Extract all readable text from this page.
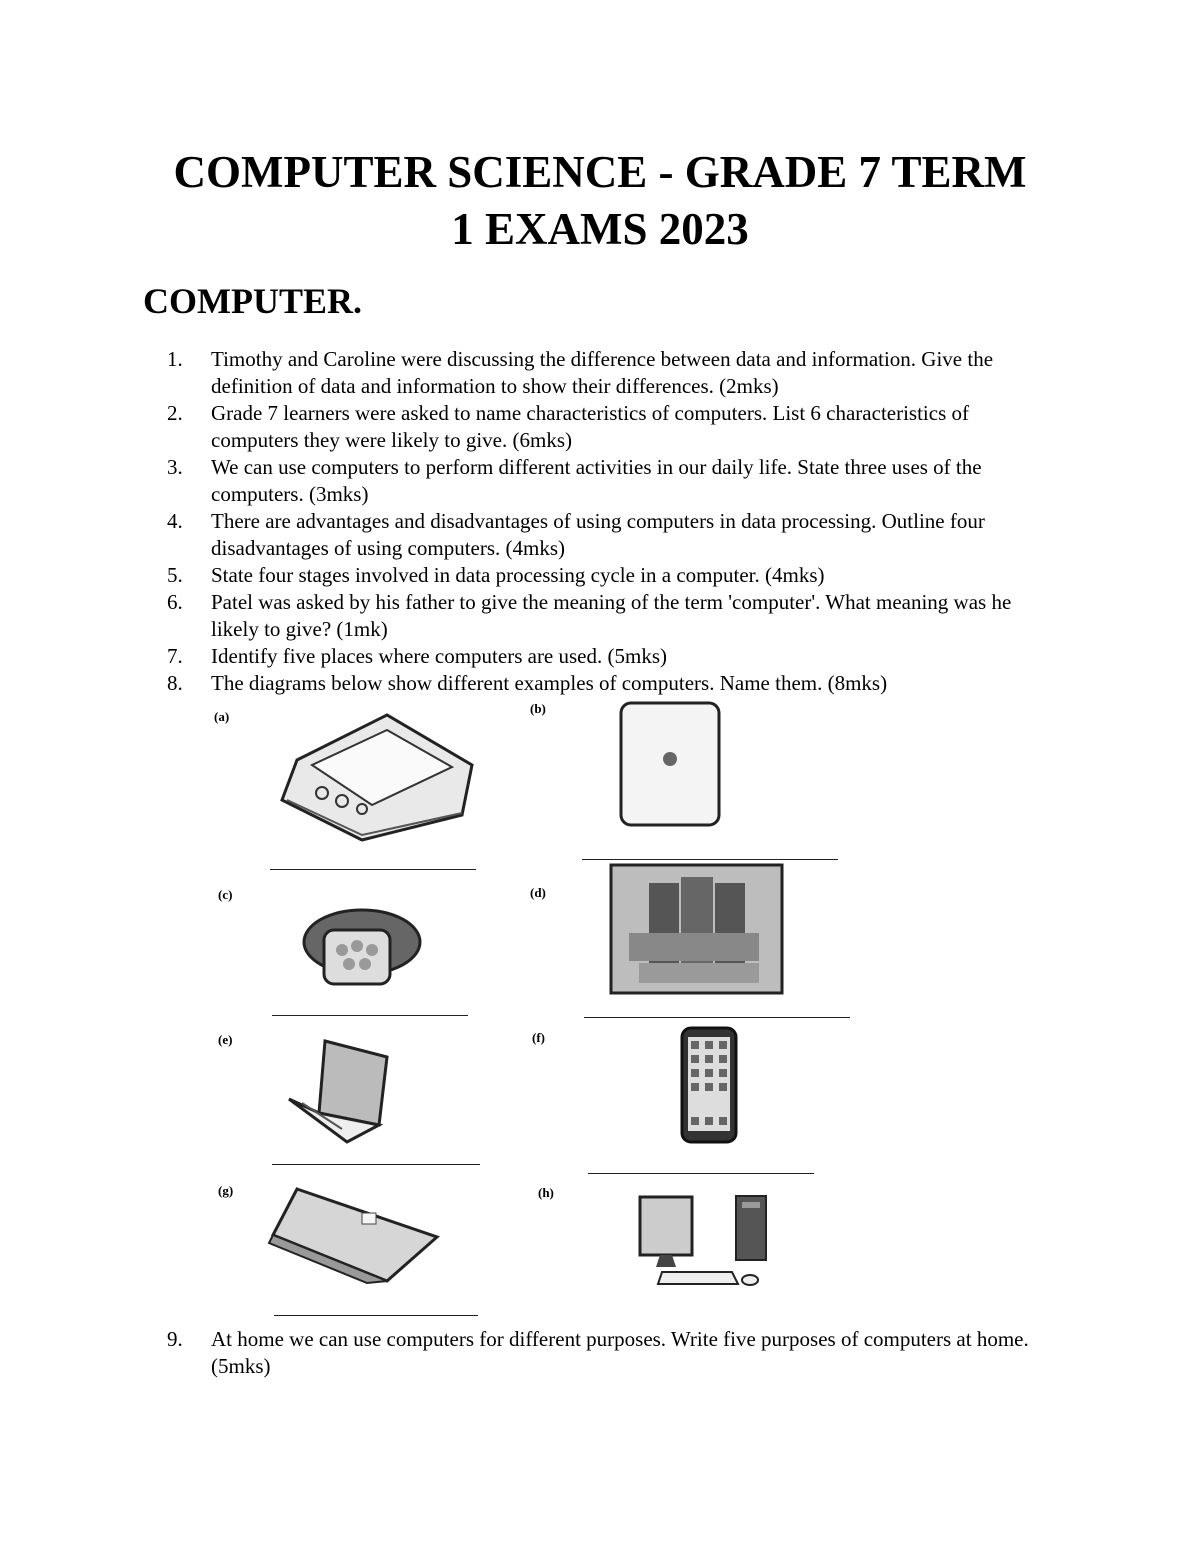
COMPUTER SCIENCE - GRADE 7 TERM
1 EXAMS 2023
COMPUTER.
1.	Timothy and Caroline were discussing the difference between data and information. Give the definition of data and information to show their differences. (2mks)
2.	Grade 7 learners were asked to name characteristics of computers. List 6 characteristics of computers they were likely to give. (6mks)
3.	We can use computers to perform different activities in our daily life. State three uses of the computers. (3mks)
4.	There are advantages and disadvantages of using computers in data processing. Outline four disadvantages of using computers. (4mks)
5.	State four stages involved in data processing cycle in a computer. (4mks)
6.	Patel was asked by his father to give the meaning of the term 'computer'. What meaning was he likely to give? (1mk)
7.	Identify five places where computers are used. (5mks)
8.	The diagrams below show different examples of computers. Name them. (8mks)
(a)
(b)
(c)	(d)
(e)	(f)
(g)	(h)
9.	At home we can use computers for different purposes. Write five purposes of computers at home. (5mks)
